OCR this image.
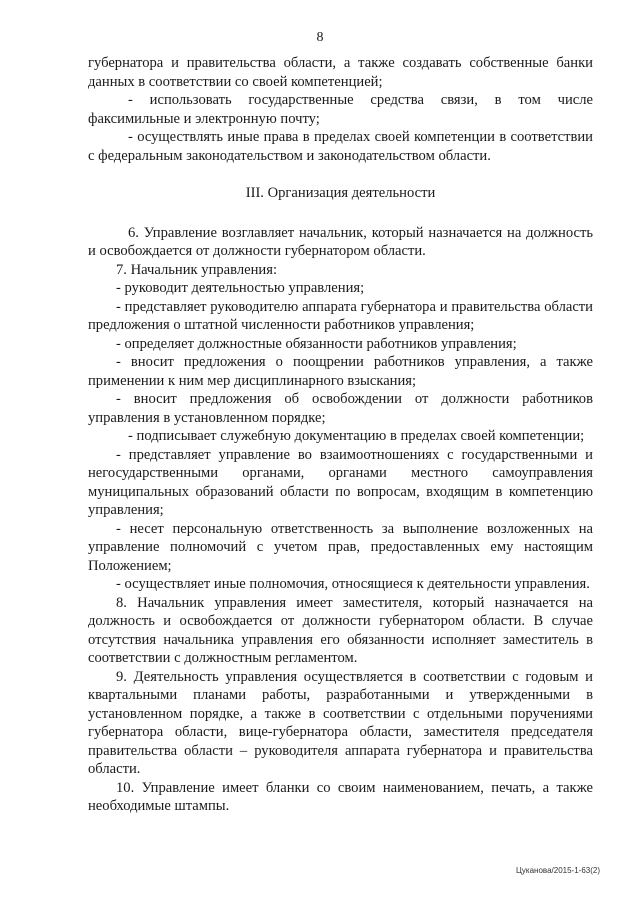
8

губернатора и правительства области, а также создавать собственные банки данных в соответствии со своей компетенцией;

- использовать государственные средства связи, в том числе факсимильные и электронную почту;

- осуществлять иные права в пределах своей компетенции в соответствии с федеральным законодательством и законодательством области.

III. Организация деятельности

6. Управление возглавляет начальник, который назначается на должность и освобождается от должности губернатором области.

7. Начальник управления:

- руководит деятельностью управления;

- представляет руководителю аппарата губернатора и правительства области предложения о штатной численности работников управления;

- определяет должностные обязанности работников управления;

- вносит предложения о поощрении работников управления, а также применении к ним мер дисциплинарного взыскания;

- вносит предложения об освобождении от должности работников управления в установленном порядке;

- подписывает служебную документацию в пределах своей компетенции;

- представляет управление во взаимоотношениях с государственными и негосударственными органами, органами местного самоуправления муниципальных образований области по вопросам, входящим в компетенцию управления;

- несет персональную ответственность за выполнение возложенных на управление полномочий с учетом прав, предоставленных ему настоящим Положением;

- осуществляет иные полномочия, относящиеся к деятельности управления.

8. Начальник управления имеет заместителя, который назначается на должность и освобождается от должности губернатором области. В случае отсутствия начальника управления его обязанности исполняет заместитель в соответствии с должностным регламентом.

9. Деятельность управления осуществляется в соответствии с годовым и квартальными планами работы, разработанными и утвержденными в установленном порядке, а также в соответствии с отдельными поручениями губернатора области, вице-губернатора области, заместителя председателя правительства области – руководителя аппарата губернатора и правительства области.

10. Управление имеет бланки со своим наименованием, печать, а также необходимые штампы.

Цуканова/2015-1-63(2)
